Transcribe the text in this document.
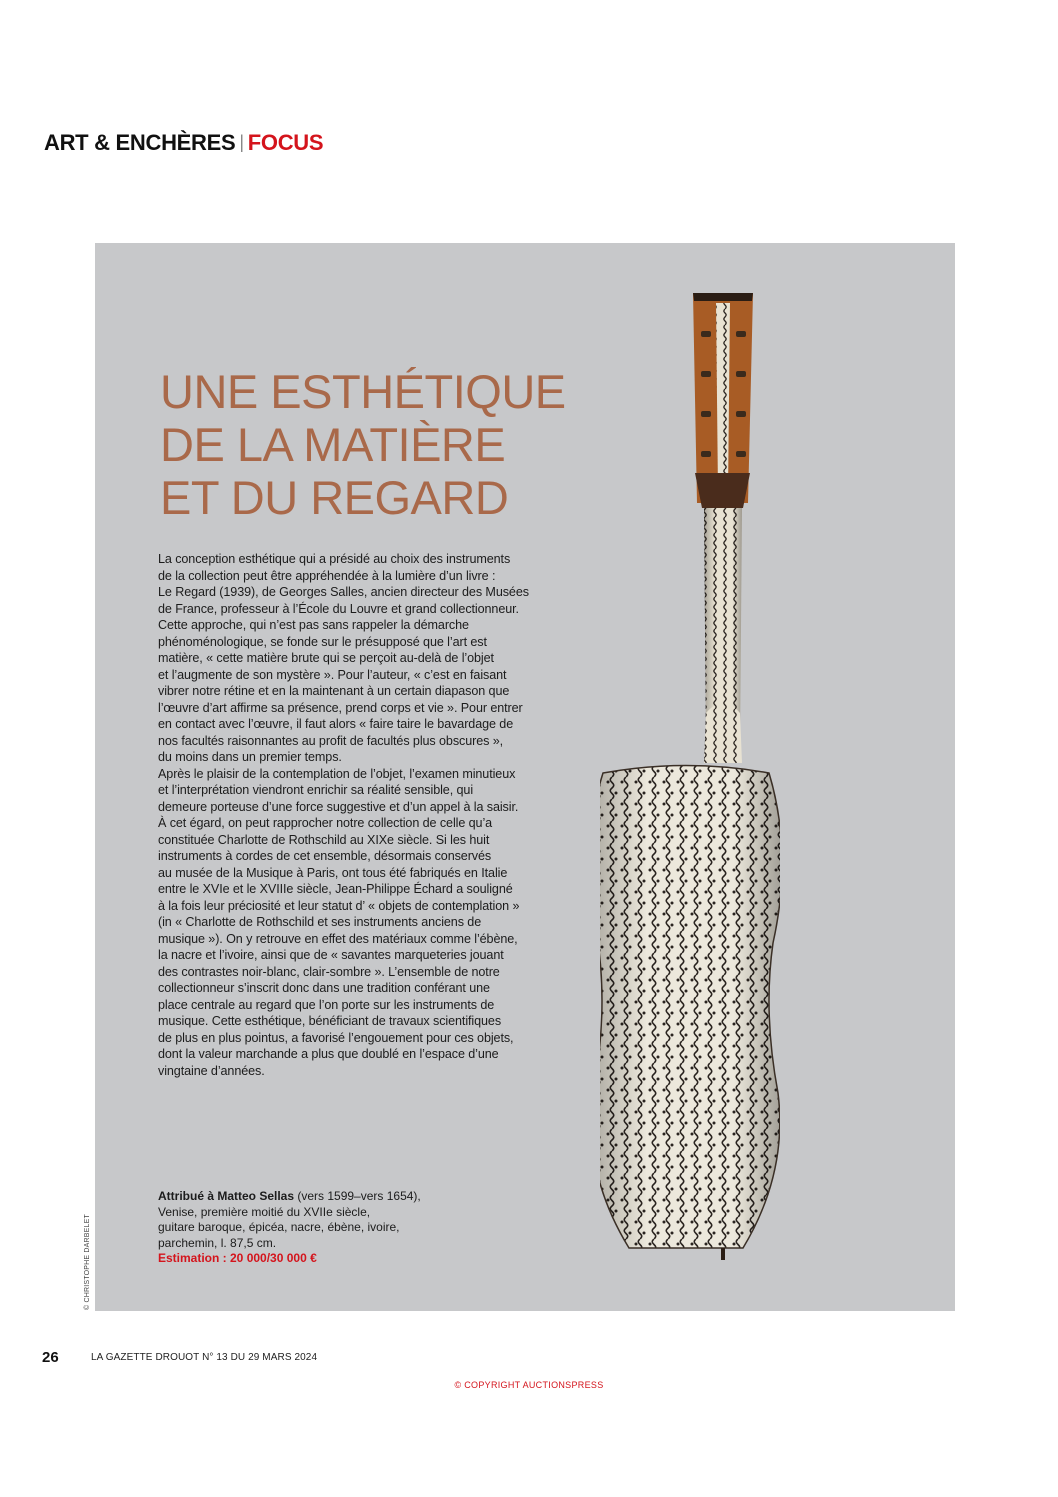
ART & ENCHÈRES | FOCUS
UNE ESTHÉTIQUE
DE LA MATIÈRE
ET DU REGARD
La conception esthétique qui a présidé au choix des instruments
de la collection peut être appréhendée à la lumière d’un livre :
Le Regard (1939), de Georges Salles, ancien directeur des Musées
de France, professeur à l’École du Louvre et grand collectionneur.
Cette approche, qui n’est pas sans rappeler la démarche
phénoménologique, se fonde sur le présupposé que l’art est
matière, « cette matière brute qui se perçoit au-delà de l’objet
et l’augmente de son mystère ». Pour l’auteur, « c’est en faisant
vibrer notre rétine et en la maintenant à un certain diapason que
l’œuvre d’art affirme sa présence, prend corps et vie ». Pour entrer
en contact avec l’œuvre, il faut alors « faire taire le bavardage de
nos facultés raisonnantes au profit de facultés plus obscures »,
du moins dans un premier temps.
Après le plaisir de la contemplation de l’objet, l’examen minutieux
et l’interprétation viendront enrichir sa réalité sensible, qui
demeure porteuse d’une force suggestive et d’un appel à la saisir.
À cet égard, on peut rapprocher notre collection de celle qu’a
constituée Charlotte de Rothschild au XIXe siècle. Si les huit
instruments à cordes de cet ensemble, désormais conservés
au musée de la Musique à Paris, ont tous été fabriqués en Italie
entre le XVIe et le XVIIIe siècle, Jean-Philippe Échard a souligné
à la fois leur préciosité et leur statut d’ « objets de contemplation »
(in « Charlotte de Rothschild et ses instruments anciens de
musique »). On y retrouve en effet des matériaux comme l’ébène,
la nacre et l’ivoire, ainsi que de « savantes marqueteries jouant
des contrastes noir-blanc, clair-sombre ». L’ensemble de notre
collectionneur s’inscrit donc dans une tradition conférant une
place centrale au regard que l’on porte sur les instruments de
musique. Cette esthétique, bénéficiant de travaux scientifiques
de plus en plus pointus, a favorisé l’engouement pour ces objets,
dont la valeur marchande a plus que doublé en l’espace d’une
vingtaine d’années.
Attribué à Matteo Sellas (vers 1599–vers 1654),
Venise, première moitié du XVIIe siècle,
guitare baroque, épicéa, nacre, ébène, ivoire,
parchemin, l. 87,5 cm.
Estimation : 20 000/30 000 €
© CHRISTOPHE DARBELET
26	LA GAZETTE DROUOT N° 13 DU 29 MARS 2024
© COPYRIGHT AUCTIONSPRESS
